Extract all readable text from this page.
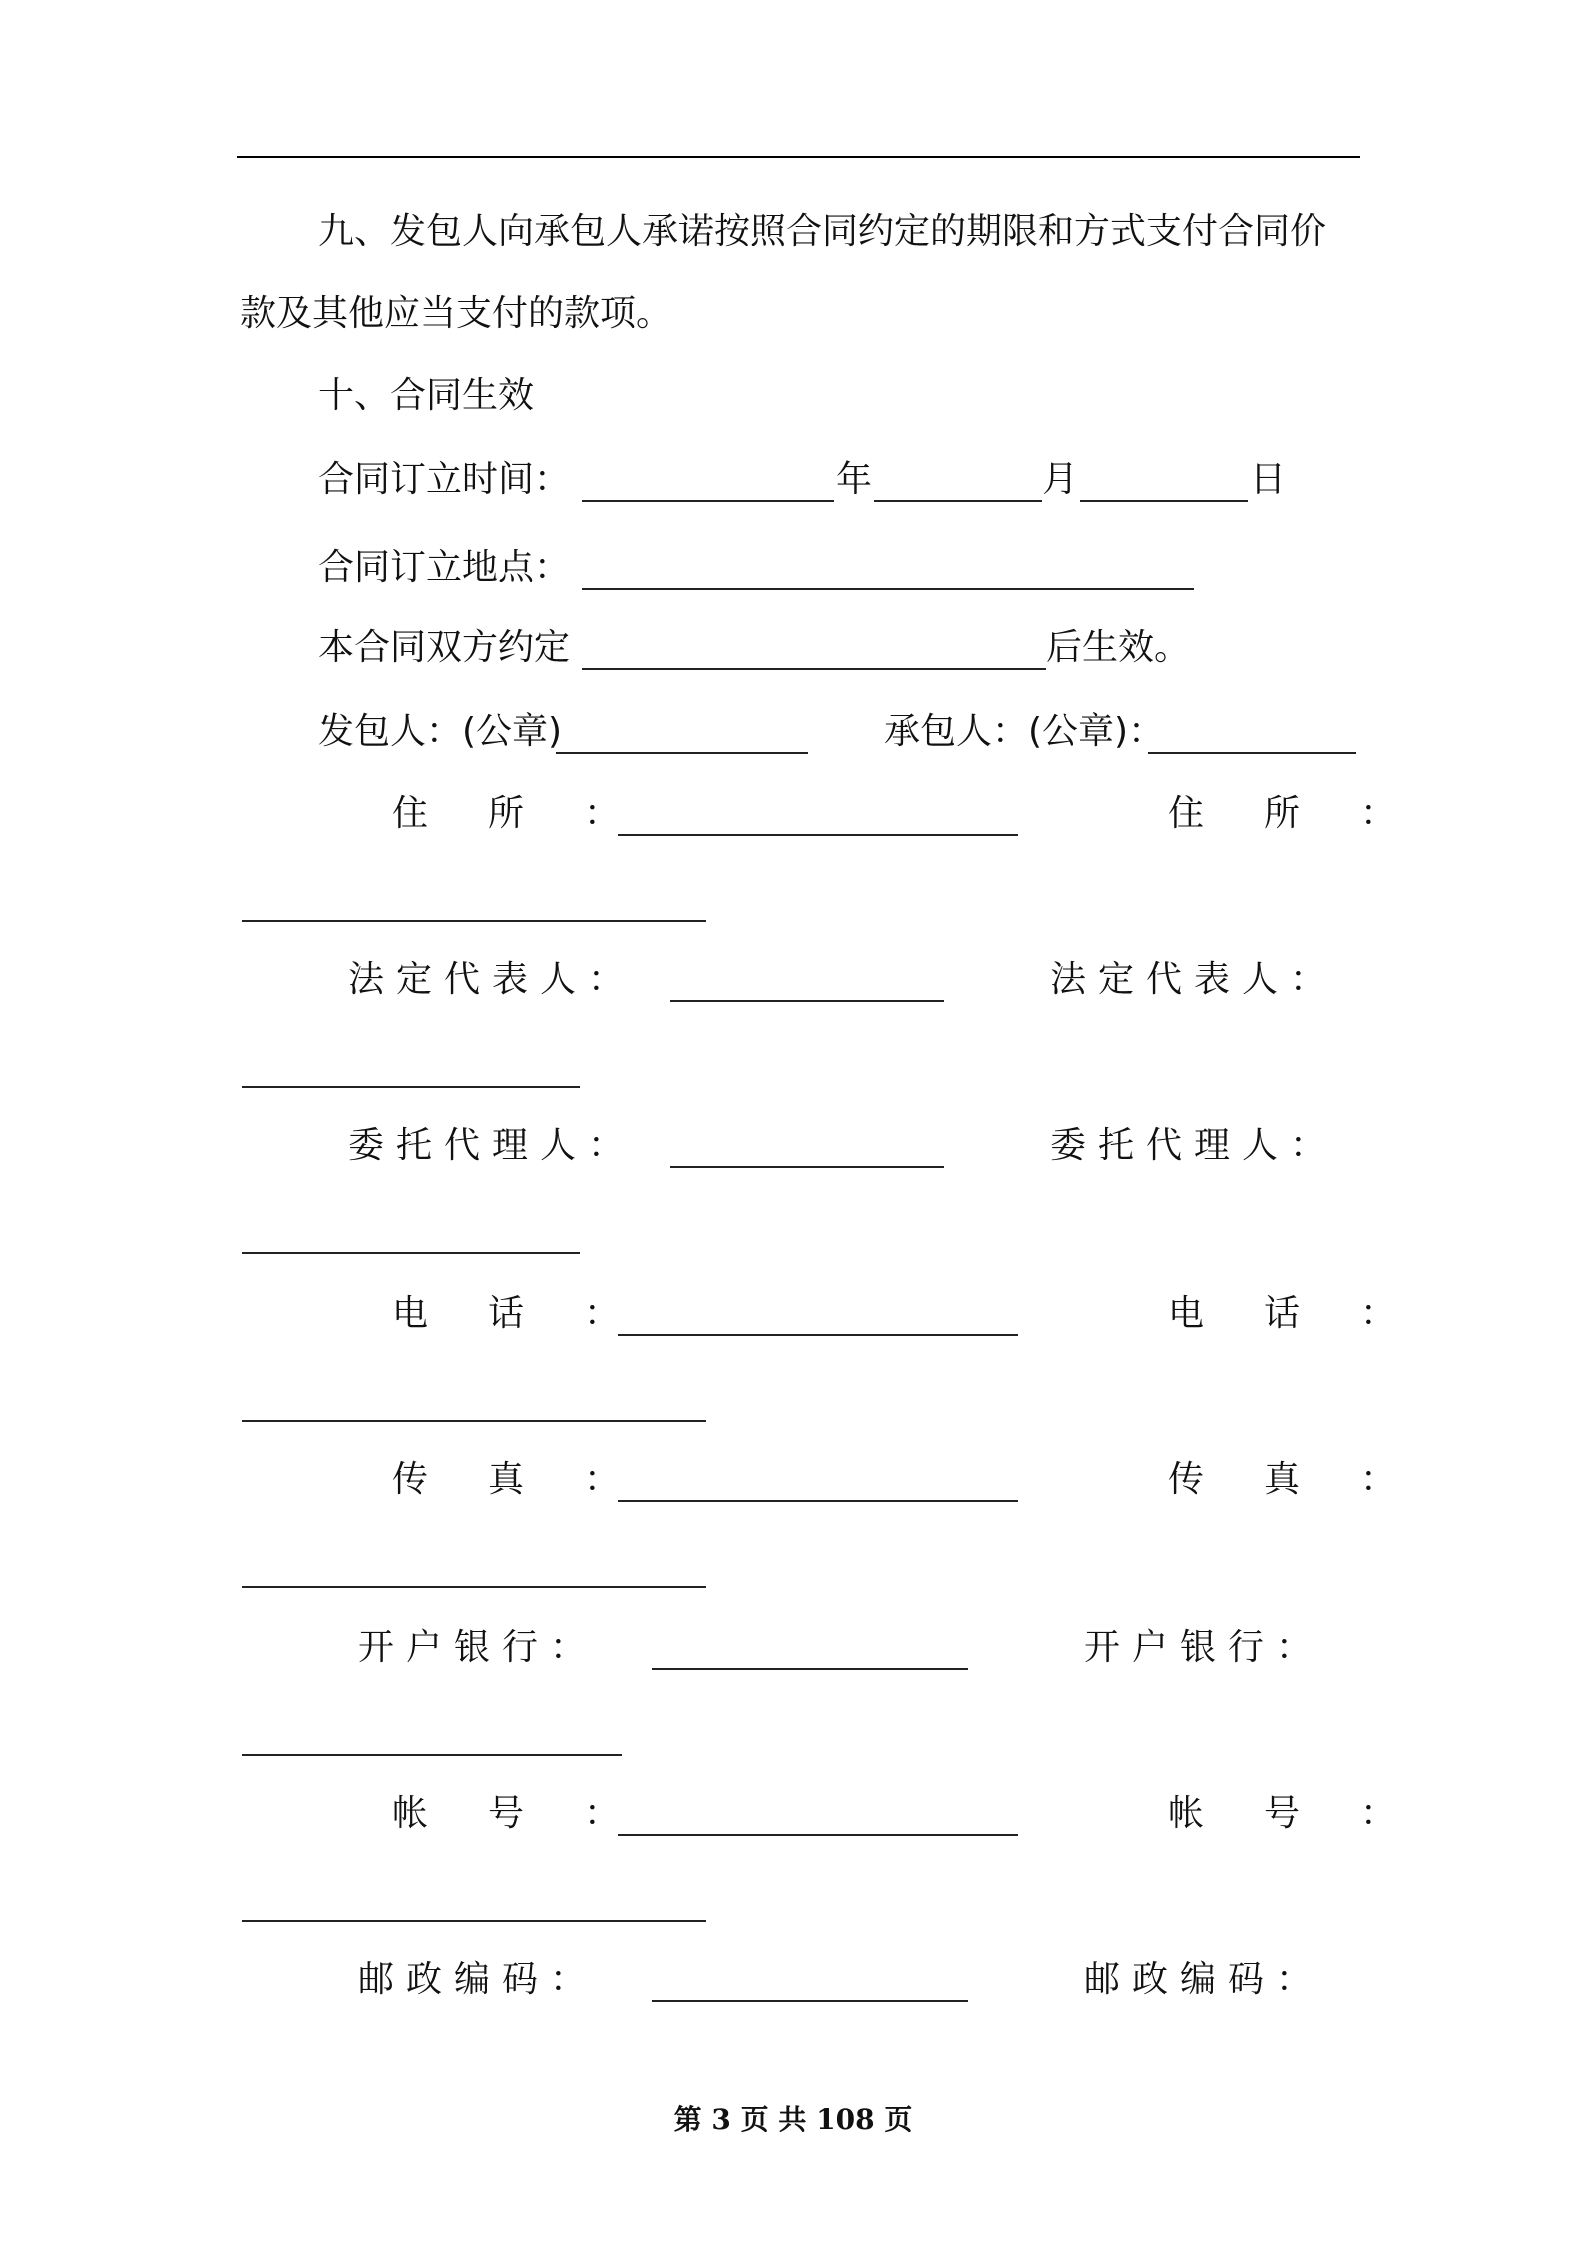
九、发包人向承包人承诺按照合同约定的期限和方式支付合同价
款及其他应当支付的款项。
十、合同生效
合同订立时间：	年	月	日
合同订立地点：
本合同双方约定	后生效。
发包人：(公章)	承包人：(公章)：
住　所　：	住　所　：
法定代表人：	法定代表人：
委托代理人：	委托代理人：
电　话　：	电　话　：
传　真　：	传　真　：
开户银行：	开户银行：
帐　号　：	帐　号　：
邮政编码：	邮政编码：
第 3 页 共 108 页
